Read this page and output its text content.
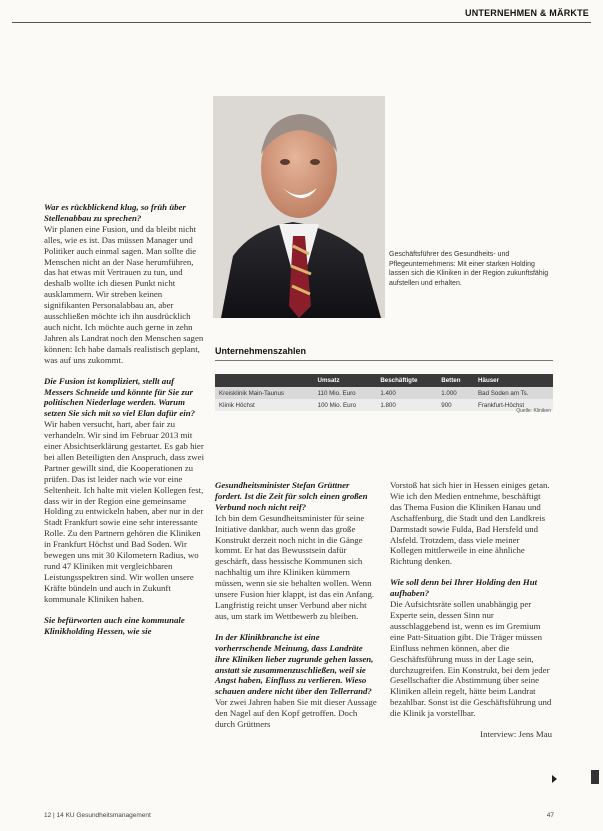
UNTERNEHMEN & MÄRKTE
Geschäftsführer des Gesundheits- und Pflegeunternehmens: Mit einer starken Holding lassen sich die Kliniken in der Region zukunftsfähig aufstellen und erhalten.
Unternehmenszahlen
	Umsatz	Beschäftigte	Betten	Häuser
Kreisklinik Main-Taunus	110 Mio. Euro	1.400	1.000	Bad Soden am Ts.
Klinik Höchst	100 Mio. Euro	1.800	900	Frankfurt-Höchst
Quelle: Kliniken

War es rückblickend klug, so früh über Stellenabbau zu sprechen?
Wir planen eine Fusion, und da bleibt nicht alles, wie es ist. Das müssen Manager und Politiker auch einmal sagen. Man sollte die Menschen nicht an der Nase herumführen, das hat etwas mit Vertrauen zu tun, und deshalb wollte ich diesen Punkt nicht ausklammern. Wir streben keinen signifikanten Personalabbau an, aber ausschließen möchte ich ihn ausdrücklich auch nicht. Ich möchte auch gerne in zehn Jahren als Landrat noch den Menschen sagen können: Ich habe damals realistisch geplant, was auf uns zukommt.

Die Fusion ist kompliziert, stellt auf Messers Schneide und könnte für Sie zur politischen Niederlage werden. Warum setzen Sie sich mit so viel Elan dafür ein?
Wir haben versucht, hart, aber fair zu verhandeln. Wir sind im Februar 2013 mit einer Absichtserklärung gestartet. Es gab hier bei allen Beteiligten den Anspruch, dass zwei Partner gewillt sind, die Kooperationen zu prüfen. Das ist leider nach wie vor eine Seltenheit. Ich halte mit vielen Kollegen fest, dass wir in der Region eine gemeinsame Holding zu entwickeln haben, aber nur in der Stadt Frankfurt sowie eine sehr interessante Rolle. Zu den Partnern gehören die Kliniken in Frankfurt Höchst und Bad Soden. Wir bewegen uns mit 30 Kilometern Radius, wo rund 47 Kliniken mit vergleichbaren Leistungsspektren sind. Wir wollen unsere Kräfte bündeln und auch in Zukunft kommunale Kliniken haben.

Sie befürworten auch eine kommunale Klinikholding Hessen, wie sie

Gesundheitsminister Stefan Grüttner fordert. Ist die Zeit für solch einen großen Verbund noch nicht reif?
Ich bin dem Gesundheitsminister für seine Initiative dankbar, auch wenn das große Konstrukt derzeit noch nicht in die Gänge kommt. Er hat das Bewusstsein dafür geschärft, dass hessische Kommunen sich nachhaltig um ihre Kliniken kümmern müssen, wenn sie sie behalten wollen. Wenn unsere Fusion hier klappt, ist das ein Anfang. Langfristig reicht unser Verbund aber nicht aus, um stark im Wettbewerb zu bleiben.

In der Klinikbranche ist eine vorherrschende Meinung, dass Landräte ihre Kliniken lieber zugrunde gehen lassen, anstatt sie zusammenzuschließen, weil sie Angst haben, Einfluss zu verlieren. Wieso schauen andere nicht über den Tellerrand?
Vor zwei Jahren haben Sie mit dieser Aussage den Nagel auf den Kopf getroffen. Doch durch Grüttners

Vorstoß hat sich hier in Hessen einiges getan. Wie ich den Medien entnehme, beschäftigt das Thema Fusion die Kliniken Hanau und Aschaffenburg, die Stadt und den Landkreis Darmstadt sowie Fulda, Bad Hersfeld und Alsfeld. Trotzdem, dass viele meiner Kollegen mittlerweile in eine ähnliche Richtung denken.

Wie soll denn bei Ihrer Holding den Hut aufhaben?
Die Aufsichtsräte sollen unabhängig per Experte sein, dessen Sinn nur ausschlaggebend ist, wenn es im Gremium eine Patt-Situation gibt. Die Träger müssen Einfluss nehmen können, aber die Geschäftsführung muss in der Lage sein, durchzugreifen. Ein Konstrukt, bei dem jeder Gesellschafter die Abstimmung über seine Kliniken allein regelt, hätte beim Landrat bezahlbar. Sonst ist die Geschäftsführung und die Klinik ja vorstellbar.

Interview: Jens Mau

12 | 14 KU Gesundheitsmanagement	47
